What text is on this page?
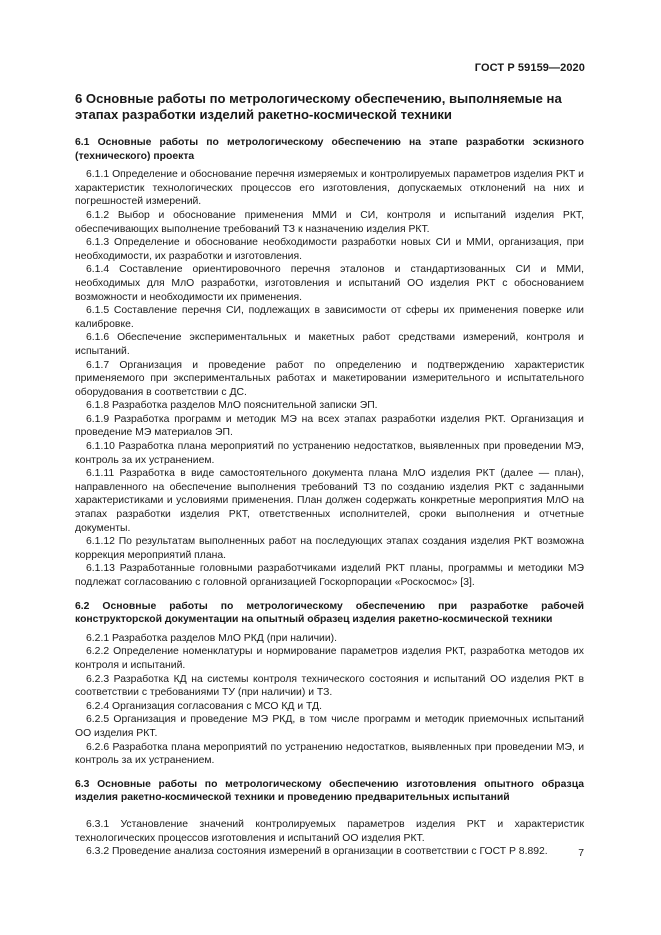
ГОСТ Р 59159—2020
6 Основные работы по метрологическому обеспечению, выполняемые на этапах разработки изделий ракетно-космической техники
6.1 Основные работы по метрологическому обеспечению на этапе разработки эскизного (технического) проекта

6.1.1 Определение и обоснование перечня измеряемых и контролируемых параметров изделия РКТ и характеристик технологических процессов его изготовления, допускаемых отклонений на них и погрешностей измерений.

6.1.2 Выбор и обоснование применения ММИ и СИ, контроля и испытаний изделия РКТ, обеспечивающих выполнение требований ТЗ к назначению изделия РКТ.

6.1.3 Определение и обоснование необходимости разработки новых СИ и ММИ, организация, при необходимости, их разработки и изготовления.

6.1.4 Составление ориентировочного перечня эталонов и стандартизованных СИ и ММИ, необходимых для МлО разработки, изготовления и испытаний ОО изделия РКТ с обоснованием возможности и необходимости их применения.

6.1.5 Составление перечня СИ, подлежащих в зависимости от сферы их применения поверке или калибровке.

6.1.6 Обеспечение экспериментальных и макетных работ средствами измерений, контроля и испытаний.

6.1.7 Организация и проведение работ по определению и подтверждению характеристик применяемого при экспериментальных работах и макетировании измерительного и испытательного оборудования в соответствии с ДС.

6.1.8 Разработка разделов МлО пояснительной записки ЭП.

6.1.9 Разработка программ и методик МЭ на всех этапах разработки изделия РКТ. Организация и проведение МЭ материалов ЭП.

6.1.10 Разработка плана мероприятий по устранению недостатков, выявленных при проведении МЭ, контроль за их устранением.

6.1.11 Разработка в виде самостоятельного документа плана МлО изделия РКТ (далее — план), направленного на обеспечение выполнения требований ТЗ по созданию изделия РКТ с заданными характеристиками и условиями применения. План должен содержать конкретные мероприятия МлО на этапах разработки изделия РКТ, ответственных исполнителей, сроки выполнения и отчетные документы.

6.1.12 По результатам выполненных работ на последующих этапах создания изделия РКТ возможна коррекция мероприятий плана.

6.1.13 Разработанные головными разработчиками изделий РКТ планы, программы и методики МЭ подлежат согласованию с головной организацией Госкорпорации «Роскосмос» [3].

6.2 Основные работы по метрологическому обеспечению при разработке рабочей конструкторской документации на опытный образец изделия ракетно-космической техники

6.2.1 Разработка разделов МлО РКД (при наличии).

6.2.2 Определение номенклатуры и нормирование параметров изделия РКТ, разработка методов их контроля и испытаний.

6.2.3 Разработка КД на системы контроля технического состояния и испытаний ОО изделия РКТ в соответствии с требованиями ТУ (при наличии) и ТЗ.

6.2.4 Организация согласования с МСО КД и ТД.

6.2.5 Организация и проведение МЭ РКД, в том числе программ и методик приемочных испытаний ОО изделия РКТ.

6.2.6 Разработка плана мероприятий по устранению недостатков, выявленных при проведении МЭ, и контроль за их устранением.

6.3 Основные работы по метрологическому обеспечению изготовления опытного образца изделия ракетно-космической техники и проведению предварительных испытаний

6.3.1 Установление значений контролируемых параметров изделия РКТ и характеристик технологических процессов изготовления и испытаний ОО изделия РКТ.

6.3.2 Проведение анализа состояния измерений в организации в соответствии с ГОСТ Р 8.892.	7
